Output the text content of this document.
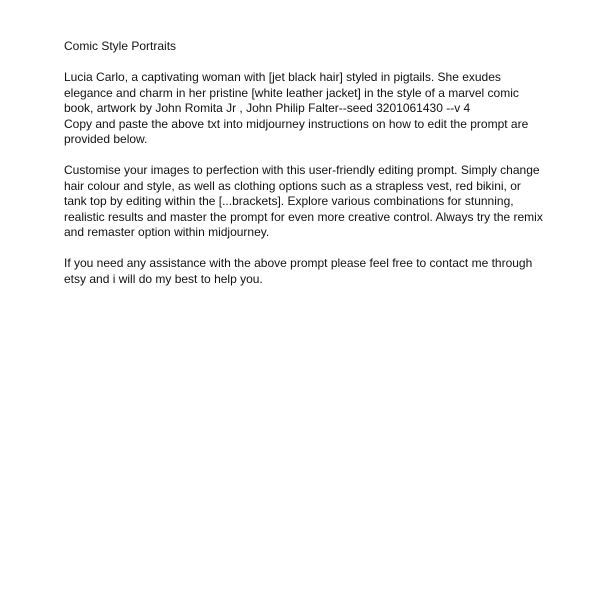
Comic Style Portraits

Lucia Carlo, a captivating woman with [jet black hair] styled in pigtails. She exudes elegance and charm in her pristine [white leather jacket] in the style of a marvel comic book, artwork by John Romita Jr , John Philip Falter--seed 3201061430 --v 4

Copy and paste the above txt into midjourney instructions on how to edit the prompt are provided below.

Customise your images to perfection with this user-friendly editing prompt. Simply change hair colour and style, as well as clothing options such as a strapless vest, red bikini, or tank top by editing within the [...brackets]. Explore various combinations for stunning, realistic results and master the prompt for even more creative control. Always try the remix and remaster option within midjourney.

If you need any assistance with the above prompt please feel free to contact me through etsy and i will do my best to help you.
